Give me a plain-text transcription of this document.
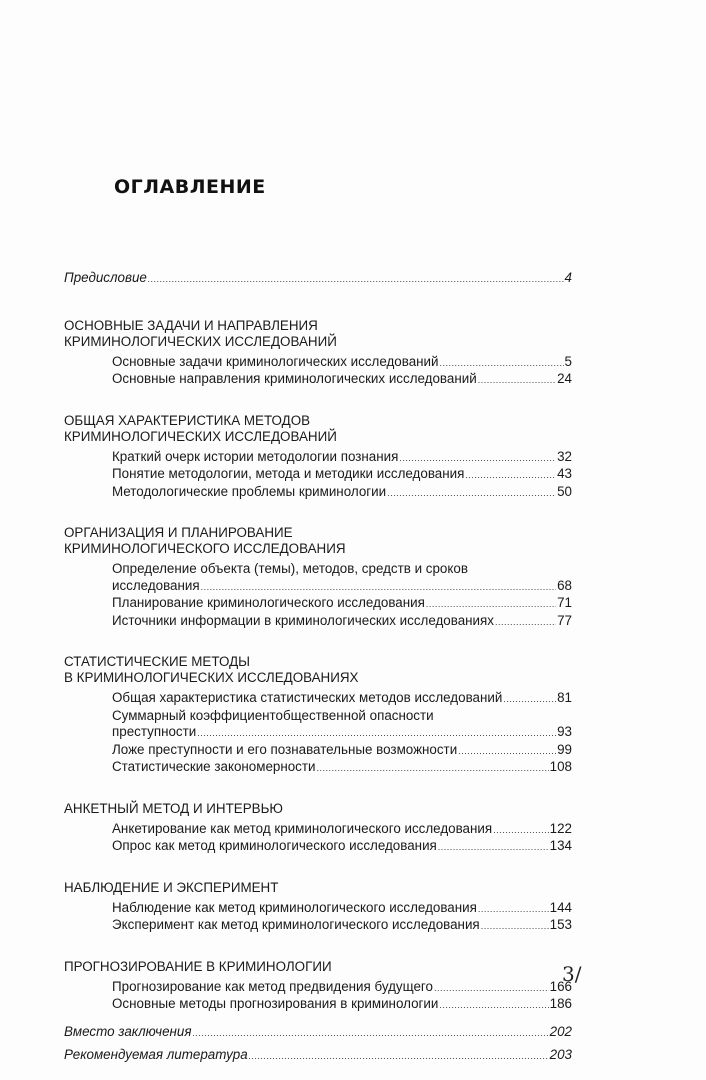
ОГЛАВЛЕНИЕ
Предисловие .....	4
ОСНОВНЫЕ ЗАДАЧИ И НАПРАВЛЕНИЯ
КРИМИНОЛОГИЧЕСКИХ ИССЛЕДОВАНИЙ
Основные задачи криминологических исследований .....	5
Основные направления криминологических исследований .....	24
ОБЩАЯ ХАРАКТЕРИСТИКА МЕТОДОВ
КРИМИНОЛОГИЧЕСКИХ ИССЛЕДОВАНИЙ
Краткий очерк истории методологии познания .....	32
Понятие методологии, метода и методики исследования .....	43
Методологические проблемы криминологии .....	50
ОРГАНИЗАЦИЯ И ПЛАНИРОВАНИЕ
КРИМИНОЛОГИЧЕСКОГО ИССЛЕДОВАНИЯ
Определение объекта (темы), методов, средств и сроков
исследования .....	68
Планирование криминологического исследования .....	71
Источники информации в криминологических исследованиях .....	77
СТАТИСТИЧЕСКИЕ МЕТОДЫ
В КРИМИНОЛОГИЧЕСКИХ ИССЛЕДОВАНИЯХ
Общая характеристика статистических методов исследований .....	81
Суммарный коэффициентобщественной опасности
преступности .....	93
Ложе преступности и его познавательные возможности .....	99
Статистические закономерности .....	108
АНКЕТНЫЙ МЕТОД И ИНТЕРВЬЮ
Анкетирование как метод криминологического исследования .....	122
Опрос как метод криминологического исследования .....	134
НАБЛЮДЕНИЕ И ЭКСПЕРИМЕНТ
Наблюдение как метод криминологического исследования .....	144
Эксперимент как метод криминологического исследования .....	153
ПРОГНОЗИРОВАНИЕ В КРИМИНОЛОГИИ
Прогнозирование как метод предвидения будущего .....	166
Основные методы прогнозирования в криминологии .....	186
Вместо заключения .....	202
Рекомендуемая литература .....	203
3/
